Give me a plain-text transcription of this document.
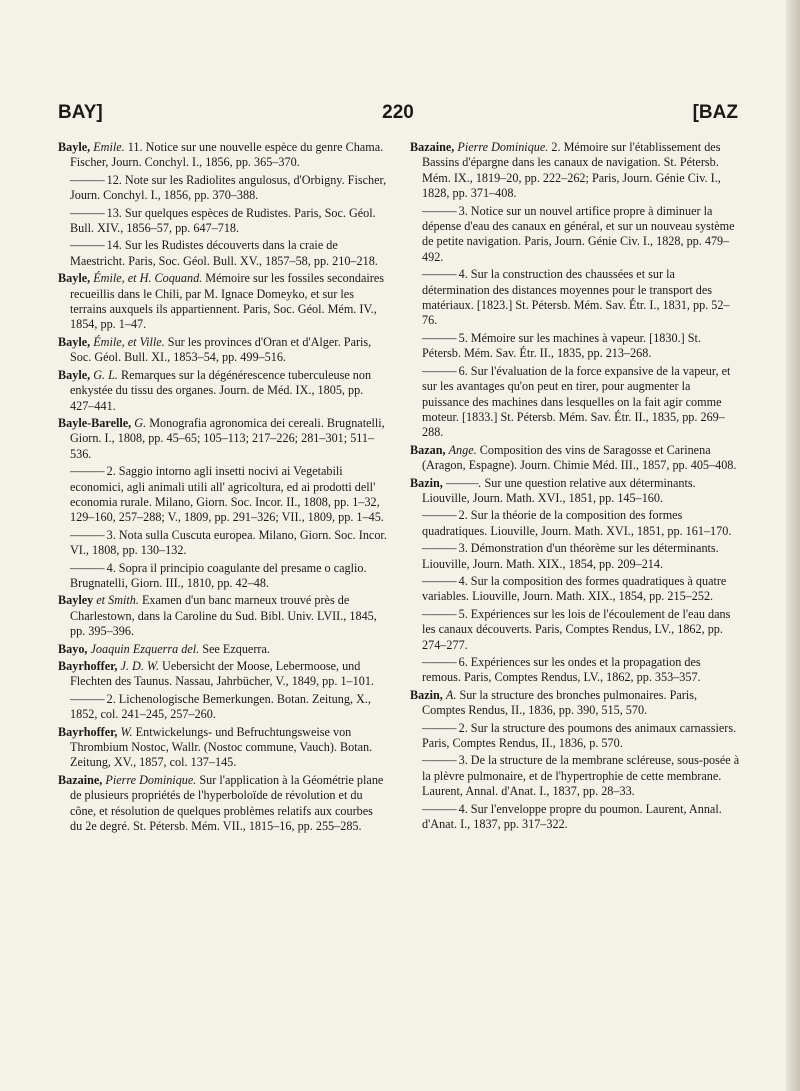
BAY]	220	[BAZ

Bayle, Emile. 11. Notice sur une nouvelle espèce du genre Chama. Fischer, Journ. Conchyl. I., 1856, pp. 365–370.

——— 12. Note sur les Radiolites angulosus, d'Orbigny. Fischer, Journ. Conchyl. I., 1856, pp. 370–388.

——— 13. Sur quelques espèces de Rudistes. Paris, Soc. Géol. Bull. XIV., 1856–57, pp. 647–718.

——— 14. Sur les Rudistes découverts dans la craie de Maestricht. Paris, Soc. Géol. Bull. XV., 1857–58, pp. 210–218.

Bayle, Émile, et H. Coquand. Mémoire sur les fossiles secondaires recueillis dans le Chili, par M. Ignace Domeyko, et sur les terrains auxquels ils appartiennent. Paris, Soc. Géol. Mém. IV., 1854, pp. 1–47.

Bayle, Émile, et Ville. Sur les provinces d'Oran et d'Alger. Paris, Soc. Géol. Bull. XI., 1853–54, pp. 499–516.

Bayle, G. L. Remarques sur la dégénérescence tuberculeuse non enkystée du tissu des organes. Journ. de Méd. IX., 1805, pp. 427–441.

Bayle-Barelle, G. Monografia agronomica dei cereali. Brugnatelli, Giorn. I., 1808, pp. 45–65; 105–113; 217–226; 281–301; 511–536.

——— 2. Saggio intorno agli insetti nocivi ai Vegetabili economici, agli animali utili all' agricoltura, ed ai prodotti dell' economia rurale. Milano, Giorn. Soc. Incor. II., 1808, pp. 1–32, 129–160, 257–288; V., 1809, pp. 291–326; VII., 1809, pp. 1–45.

——— 3. Nota sulla Cuscuta europea. Milano, Giorn. Soc. Incor. VI., 1808, pp. 130–132.

——— 4. Sopra il principio coagulante del presame o caglio. Brugnatelli, Giorn. III., 1810, pp. 42–48.

Bayley et Smith. Examen d'un banc marneux trouvé près de Charlestown, dans la Caroline du Sud. Bibl. Univ. LVII., 1845, pp. 395–396.

Bayo, Joaquin Ezquerra del. See Ezquerra.

Bayrhoffer, J. D. W. Uebersicht der Moose, Lebermoose, und Flechten des Taunus. Nassau, Jahrbücher, V., 1849, pp. 1–101.

——— 2. Lichenologische Bemerkungen. Botan. Zeitung, X., 1852, col. 241–245, 257–260.

Bayrhoffer, W. Entwickelungs- und Befruchtungsweise von Thrombium Nostoc, Wallr. (Nostoc commune, Vauch). Botan. Zeitung, XV., 1857, col. 137–145.

Bazaine, Pierre Dominique. Sur l'application à la Géométrie plane de plusieurs propriétés de l'hyperboloïde de révolution et du cône, et résolution de quelques problèmes relatifs aux courbes du 2e degré. St. Pétersb. Mém. VII., 1815–16, pp. 255–285.

Bazaine, Pierre Dominique. 2. Mémoire sur l'établissement des Bassins d'épargne dans les canaux de navigation. St. Pétersb. Mém. IX., 1819–20, pp. 222–262; Paris, Journ. Génie Civ. I., 1828, pp. 371–408.

——— 3. Notice sur un nouvel artifice propre à diminuer la dépense d'eau des canaux en général, et sur un nouveau système de petite navigation. Paris, Journ. Génie Civ. I., 1828, pp. 479–492.

——— 4. Sur la construction des chaussées et sur la détermination des distances moyennes pour le transport des matériaux. [1823.] St. Pétersb. Mém. Sav. Étr. I., 1831, pp. 52–76.

——— 5. Mémoire sur les machines à vapeur. [1830.] St. Pétersb. Mém. Sav. Étr. II., 1835, pp. 213–268.

——— 6. Sur l'évaluation de la force expansive de la vapeur, et sur les avantages qu'on peut en tirer, pour augmenter la puissance des machines dans lesquelles on la fait agir comme moteur. [1833.] St. Pétersb. Mém. Sav. Étr. II., 1835, pp. 269–288.

Bazan, Ange. Composition des vins de Saragosse et Carinena (Aragon, Espagne). Journ. Chimie Méd. III., 1857, pp. 405–408.

Bazin, ———. Sur une question relative aux déterminants. Liouville, Journ. Math. XVI., 1851, pp. 145–160.

——— 2. Sur la théorie de la composition des formes quadratiques. Liouville, Journ. Math. XVI., 1851, pp. 161–170.

——— 3. Démonstration d'un théorème sur les déterminants. Liouville, Journ. Math. XIX., 1854, pp. 209–214.

——— 4. Sur la composition des formes quadratiques à quatre variables. Liouville, Journ. Math. XIX., 1854, pp. 215–252.

——— 5. Expériences sur les lois de l'écoulement de l'eau dans les canaux découverts. Paris, Comptes Rendus, LV., 1862, pp. 274–277.

——— 6. Expériences sur les ondes et la propagation des remous. Paris, Comptes Rendus, LV., 1862, pp. 353–357.

Bazin, A. Sur la structure des bronches pulmonaires. Paris, Comptes Rendus, II., 1836, pp. 390, 515, 570.

——— 2. Sur la structure des poumons des animaux carnassiers. Paris, Comptes Rendus, II., 1836, p. 570.

——— 3. De la structure de la membrane scléreuse, sous-posée à la plèvre pulmonaire, et de l'hypertrophie de cette membrane. Laurent, Annal. d'Anat. I., 1837, pp. 28–33.

——— 4. Sur l'enveloppe propre du poumon. Laurent, Annal. d'Anat. I., 1837, pp. 317–322.
